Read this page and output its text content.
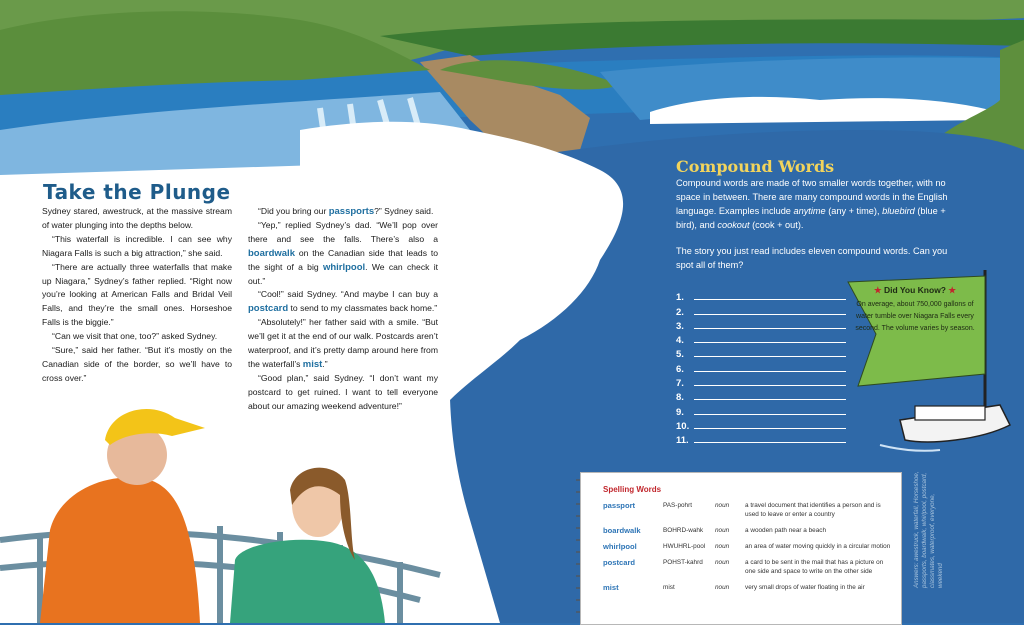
Take the Plunge

Sydney stared, awestruck, at the massive stream of water plunging into the depths below.

“This waterfall is incredible. I can see why Niagara Falls is such a big attraction,” she said.

“There are actually three waterfalls that make up Niagara,” Sydney’s father replied. “Right now you’re looking at American Falls and Bridal Veil Falls, and they’re the small ones. Horseshoe Falls is the biggie.”

“Can we visit that one, too?” asked Sydney.

“Sure,” said her father. “But it’s mostly on the Canadian side of the border, so we’ll have to cross over.”

“Did you bring our passports?” Sydney said.

“Yep,” replied Sydney’s dad. “We’ll pop over there and see the falls. There’s also a boardwalk on the Canadian side that leads to the sight of a big whirlpool. We can check it out.”

“Cool!” said Sydney. “And maybe I can buy a postcard to send to my classmates back home.”

“Absolutely!” her father said with a smile. “But we’ll get it at the end of our walk. Postcards aren’t waterproof, and it’s pretty damp around here from the waterfall’s mist.”

“Good plan,” said Sydney. “I don’t want my postcard to get ruined. I want to tell everyone about our amazing weekend adventure!”

Compound Words

Compound words are made of two smaller words together, with no space in between. There are many compound words in the English language. Examples include anytime (any + time), bluebird (blue + bird), and cookout (cook + out).

The story you just read includes eleven compound words. Can you spot all of them?

1.
2.
3.
4.
5.
6.
7.
8.
9.
10.
11.
★ Did You Know? ★
On average, about 750,000 gallons of water tumble over Niagara Falls every second. The volume varies by season.
Spelling Words
passport	PAS-pohrt	noun	a travel document that identifies a person and is used to leave or enter a country
boardwalk	BOHRD-wahk	noun	a wooden path near a beach
whirlpool	HWUHRL-pool	noun	an area of water moving quickly in a circular motion
postcard	POHST-kahrd	noun	a card to be sent in the mail that has a picture on one side and space to write on the other side
mist	mist	noun	very small drops of water floating in the air	Answers: awestruck, waterfall, Horseshoe, passports, boardwalk, whirlpool, postcard, classmates, waterproof, everyone, weekend
